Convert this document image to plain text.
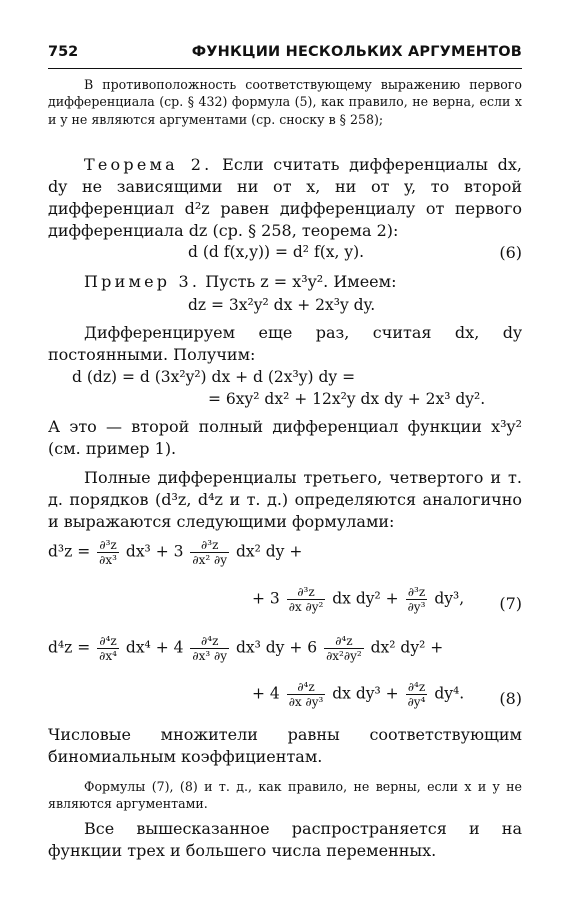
752	ФУНКЦИИ НЕСКОЛЬКИХ АРГУМЕНТОВ
В противоположность соответствующему выражению первого дифференциала (ср. § 432) формула (5), как правило, не верна, если x и y не являются аргументами (ср. сноску в § 258);
Теорема 2. Если считать дифференциалы dx, dy не зависящими ни от x, ни от y, то второй дифференциал d²z равен дифференциалу от первого дифференциала dz (ср. § 258, теорема 2):
d (d f(x,y)) = d² f(x, y).	(6)
Пример 3. Пусть z = x³y². Имеем:
dz = 3x²y² dx + 2x³y dy.
Дифференцируем еще раз, считая dx, dy постоянными. Получим:
d (dz) = d (3x²y²) dx + d (2x³y) dy =
= 6xy² dx² + 12x²y dx dy + 2x³ dy².
А это — второй полный дифференциал функции x³y² (см. пример 1).
Полные дифференциалы третьего, четвертого и т. д. порядков (d³z, d⁴z и т. д.) определяются аналогично и выражаются следующими формулами:
$d^3z = \frac{\text{∂³z}}{\text{∂x³}} dx^3 + 3 \frac{\text{∂³z}}{\text{∂x² ∂y}} dx^2$ dy +
+ $3 \frac{\text{∂³z}}{\text{∂x ∂y²}}$ dx $dy^2 + \frac{\text{∂³z}}{\text{∂y³}} dy^3$, (7)
$d^4z = \frac{\text{∂⁴z}}{\text{∂x⁴}} dx^4 + 4 \frac{\text{∂⁴z}}{\text{∂x³ ∂y}} dx^3$ dy + $6 \frac{\text{∂⁴z}}{\text{∂x²∂y²}} dx^2$ dy² +
+ $4 \frac{\text{∂⁴z}}{\text{∂x ∂y³}}$ dx $dy^3 + \frac{\text{∂⁴z}}{\text{∂y⁴}} dy^4$. (8)
Числовые множители равны соответствующим биномиальным коэффициентам.
Формулы (7), (8) и т. д., как правило, не верны, если x и y не являются аргументами.
Все вышесказанное распространяется и на функции трех и большего числа переменных.
